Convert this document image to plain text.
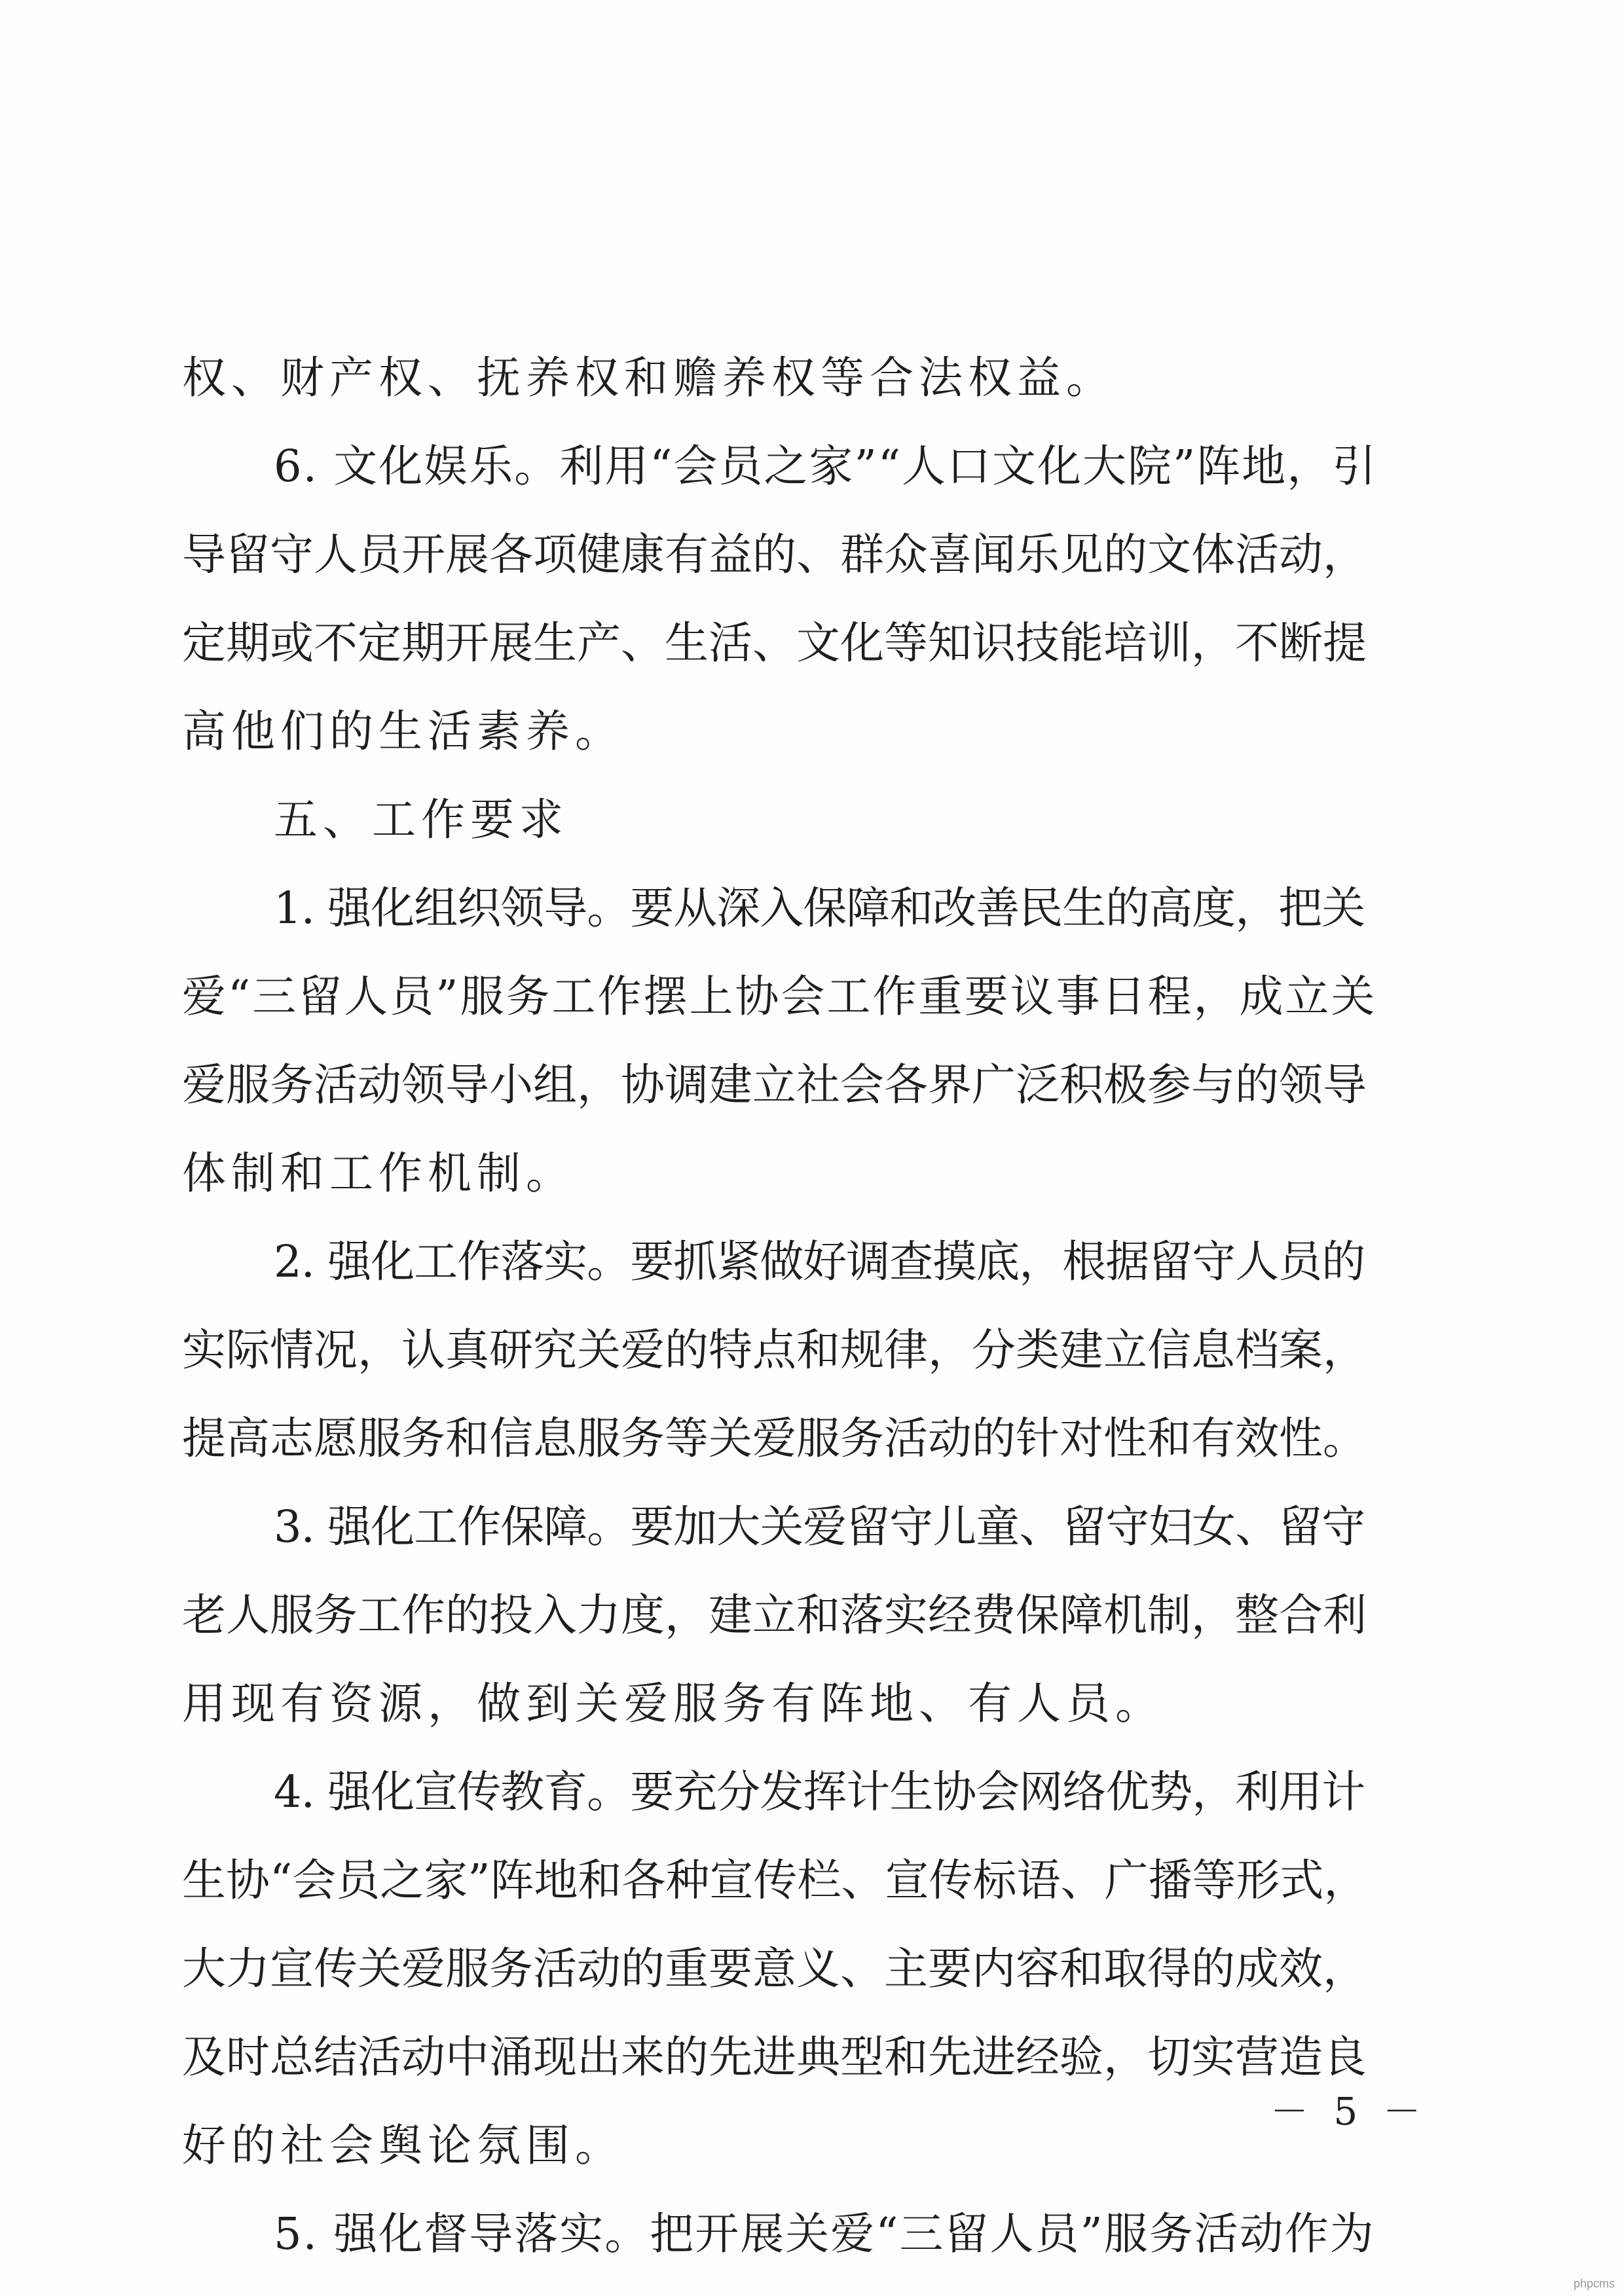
权、财产权、抚养权和赡养权等合法权益。
6. 文化娱乐。利用“会员之家”“人口文化大院”阵地，引
导留守人员开展各项健康有益的、群众喜闻乐见的文体活动，
定期或不定期开展生产、生活、文化等知识技能培训，不断提
高他们的生活素养。
五、工作要求
1. 强化组织领导。要从深入保障和改善民生的高度，把关
爱“三留人员”服务工作摆上协会工作重要议事日程，成立关
爱服务活动领导小组，协调建立社会各界广泛积极参与的领导
体制和工作机制。
2. 强化工作落实。要抓紧做好调查摸底，根据留守人员的
实际情况，认真研究关爱的特点和规律，分类建立信息档案，
提高志愿服务和信息服务等关爱服务活动的针对性和有效性。
3. 强化工作保障。要加大关爱留守儿童、留守妇女、留守
老人服务工作的投入力度，建立和落实经费保障机制，整合利
用现有资源，做到关爱服务有阵地、有人员。
4. 强化宣传教育。要充分发挥计生协会网络优势，利用计
生协“会员之家”阵地和各种宣传栏、宣传标语、广播等形式，
大力宣传关爱服务活动的重要意义、主要内容和取得的成效，
及时总结活动中涌现出来的先进典型和先进经验，切实营造良
好的社会舆论氛围。
5. 强化督导落实。把开展关爱“三留人员”服务活动作为
－ 5 －
phpcms
